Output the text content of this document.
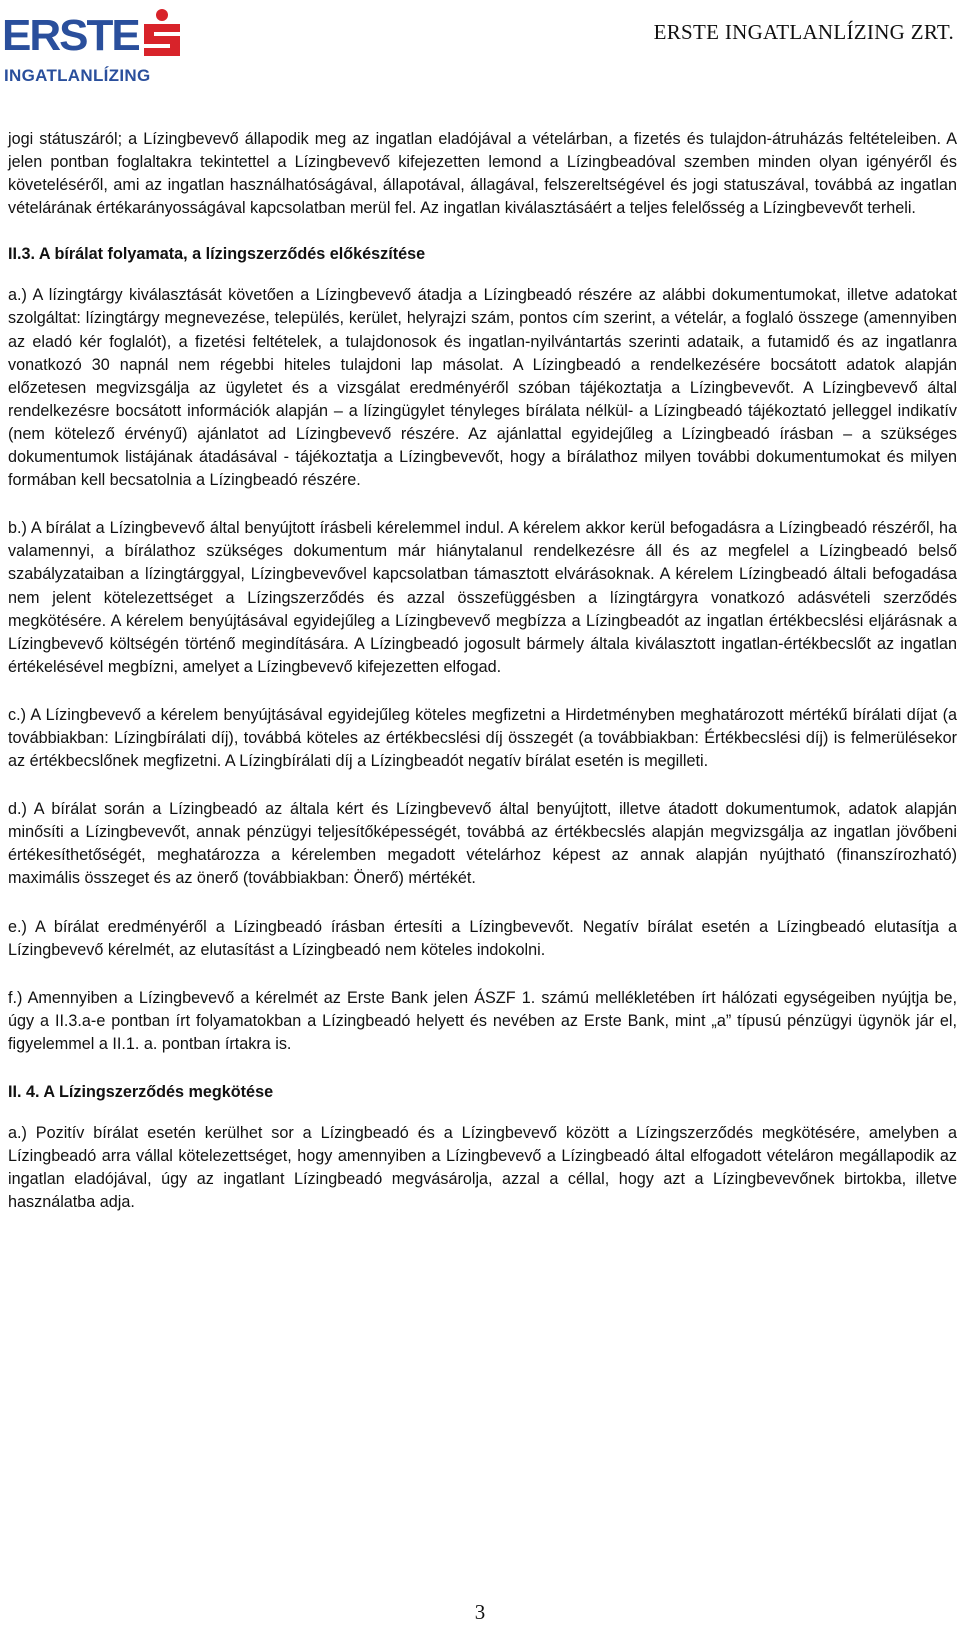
ERSTE
INGATLANLÍZING
ERSTE INGATLANLÍZING ZRT.

jogi státuszáról; a Lízingbevevő állapodik meg az ingatlan eladójával a vételárban, a fizetés és tulajdon-átruházás feltételeiben. A jelen pontban foglaltakra tekintettel a Lízingbevevő kifejezetten lemond a Lízingbeadóval szemben minden olyan igényéről és követeléséről, ami az ingatlan használhatóságával, állapotával, állagával, felszereltségével és jogi statuszával, továbbá az ingatlan vételárának értékarányosságával kapcsolatban merül fel. Az ingatlan kiválasztásáért a teljes felelősség a Lízingbevevőt terheli.

II.3. A bírálat folyamata, a lízingszerződés előkészítése

a.) A lízingtárgy kiválasztását követően a Lízingbevevő átadja a Lízingbeadó részére az alábbi dokumentumokat, illetve adatokat szolgáltat: lízingtárgy megnevezése, település, kerület, helyrajzi szám, pontos cím szerint, a vételár, a foglaló összege (amennyiben az eladó kér foglalót), a fizetési feltételek, a tulajdonosok és ingatlan-nyilvántartás szerinti adataik, a futamidő és az ingatlanra vonatkozó 30 napnál nem régebbi hiteles tulajdoni lap másolat. A Lízingbeadó a rendelkezésére bocsátott adatok alapján előzetesen megvizsgálja az ügyletet és a vizsgálat eredményéről szóban tájékoztatja a Lízingbevevőt. A Lízingbevevő által rendelkezésre bocsátott információk alapján – a lízingügylet tényleges bírálata nélkül- a Lízingbeadó tájékoztató jelleggel indikatív (nem kötelező érvényű) ajánlatot ad Lízingbevevő részére. Az ajánlattal egyidejűleg a Lízingbeadó írásban – a szükséges dokumentumok listájának átadásával - tájékoztatja a Lízingbevevőt, hogy a bírálathoz milyen további dokumentumokat és milyen formában kell becsatolnia a Lízingbeadó részére.

b.) A bírálat a Lízingbevevő által benyújtott írásbeli kérelemmel indul. A kérelem akkor kerül befogadásra a Lízingbeadó részéről, ha valamennyi, a bírálathoz szükséges dokumentum már hiánytalanul rendelkezésre áll és az megfelel a Lízingbeadó belső szabályzataiban a lízingtárggyal, Lízingbevevővel kapcsolatban támasztott elvárásoknak. A kérelem Lízingbeadó általi befogadása nem jelent kötelezettséget a Lízingszerződés és azzal összefüggésben a lízingtárgyra vonatkozó adásvételi szerződés megkötésére. A kérelem benyújtásával egyidejűleg a Lízingbevevő megbízza a Lízingbeadót az ingatlan értékbecslési eljárásnak a Lízingbevevő költségén történő megindítására. A Lízingbeadó jogosult bármely általa kiválasztott ingatlan-értékbecslőt az ingatlan értékelésével megbízni, amelyet a Lízingbevevő kifejezetten elfogad.

c.) A Lízingbevevő a kérelem benyújtásával egyidejűleg köteles megfizetni a Hirdetményben meghatározott mértékű bírálati díjat (a továbbiakban: Lízingbírálati díj), továbbá köteles az értékbecslési díj összegét (a továbbiakban: Értékbecslési díj) is felmerülésekor az értékbecslőnek megfizetni. A Lízingbírálati díj a Lízingbeadót negatív bírálat esetén is megilleti.

d.) A bírálat során a Lízingbeadó az általa kért és Lízingbevevő által benyújtott, illetve átadott dokumentumok, adatok alapján minősíti a Lízingbevevőt, annak pénzügyi teljesítőképességét, továbbá az értékbecslés alapján megvizsgálja az ingatlan jövőbeni értékesíthetőségét, meghatározza a kérelemben megadott vételárhoz képest az annak alapján nyújtható (finanszírozható) maximális összeget és az önerő (továbbiakban: Önerő) mértékét.

e.) A bírálat eredményéről a Lízingbeadó írásban értesíti a Lízingbevevőt. Negatív bírálat esetén a Lízingbeadó elutasítja a Lízingbevevő kérelmét, az elutasítást a Lízingbeadó nem köteles indokolni.

f.) Amennyiben a Lízingbevevő a kérelmét az Erste Bank jelen ÁSZF 1. számú mellékletében írt hálózati egységeiben nyújtja be, úgy a II.3.a-e pontban írt folyamatokban a Lízingbeadó helyett és nevében az Erste Bank, mint „a” típusú pénzügyi ügynök jár el, figyelemmel a II.1. a. pontban írtakra is.

II. 4. A Lízingszerződés megkötése

a.) Pozitív bírálat esetén kerülhet sor a Lízingbeadó és a Lízingbevevő között a Lízingszerződés megkötésére, amelyben a Lízingbeadó arra vállal kötelezettséget, hogy amennyiben a Lízingbevevő a Lízingbeadó által elfogadott vételáron megállapodik az ingatlan eladójával, úgy az ingatlant Lízingbeadó megvásárolja, azzal a céllal, hogy azt a Lízingbevevőnek birtokba, illetve használatba adja.

3
